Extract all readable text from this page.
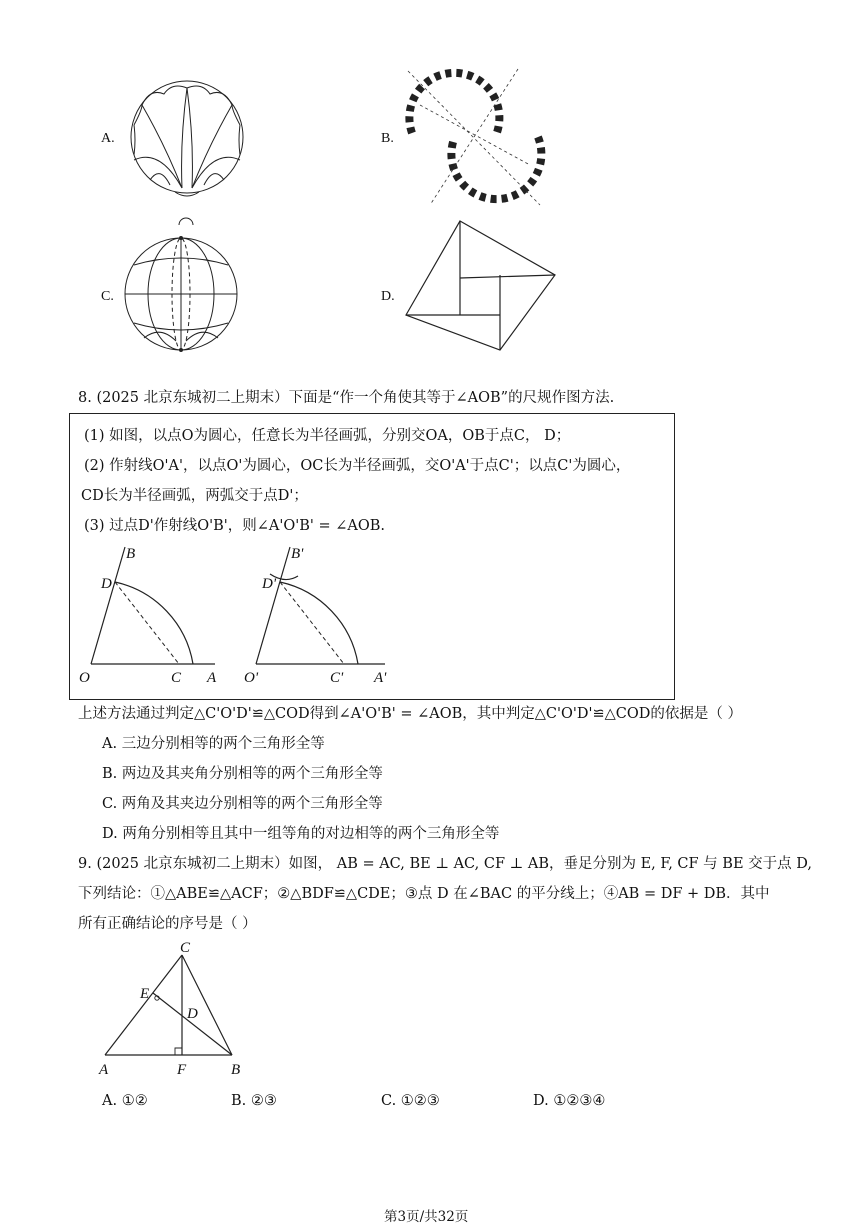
A.	B.
C.	D.
8. (2025 北京东城初二上期末）下面是“作一个角使其等于∠AOB”的尺规作图方法.
(1) 如图，以点O为圆心，任意长为半径画弧，分别交OA，OB于点C， D；
(2) 作射线O'A'，以点O'为圆心，OC长为半径画弧，交O'A'于点C'；以点C'为圆心，
CD长为半径画弧，两弧交于点D'；
(3) 过点D'作射线O'B'，则∠A'O'B' = ∠AOB.
B
D
O	C A
B'
D'
O'	C' A'
上述方法通过判定△C'O'D'≌△COD得到∠A'O'B' = ∠AOB，其中判定△C'O'D'≌△COD的依据是（ ）
A. 三边分别相等的两个三角形全等
B. 两边及其夹角分别相等的两个三角形全等
C. 两角及其夹边分别相等的两个三角形全等
D. 两角分别相等且其中一组等角的对边相等的两个三角形全等
9. (2025 北京东城初二上期末）如图， AB = AC, BE ⊥ AC, CF ⊥ AB，垂足分别为 E, F, CF 与 BE 交于点 D,
下列结论：①△ABE≌△ACF；②△BDF≌△CDE；③点 D 在∠BAC 的平分线上；④AB = DF + DB．其中
所有正确结论的序号是（ ）
C
E
D
A	F	B
A. ①②	B. ②③	C. ①②③	D. ①②③④
第3页/共32页
